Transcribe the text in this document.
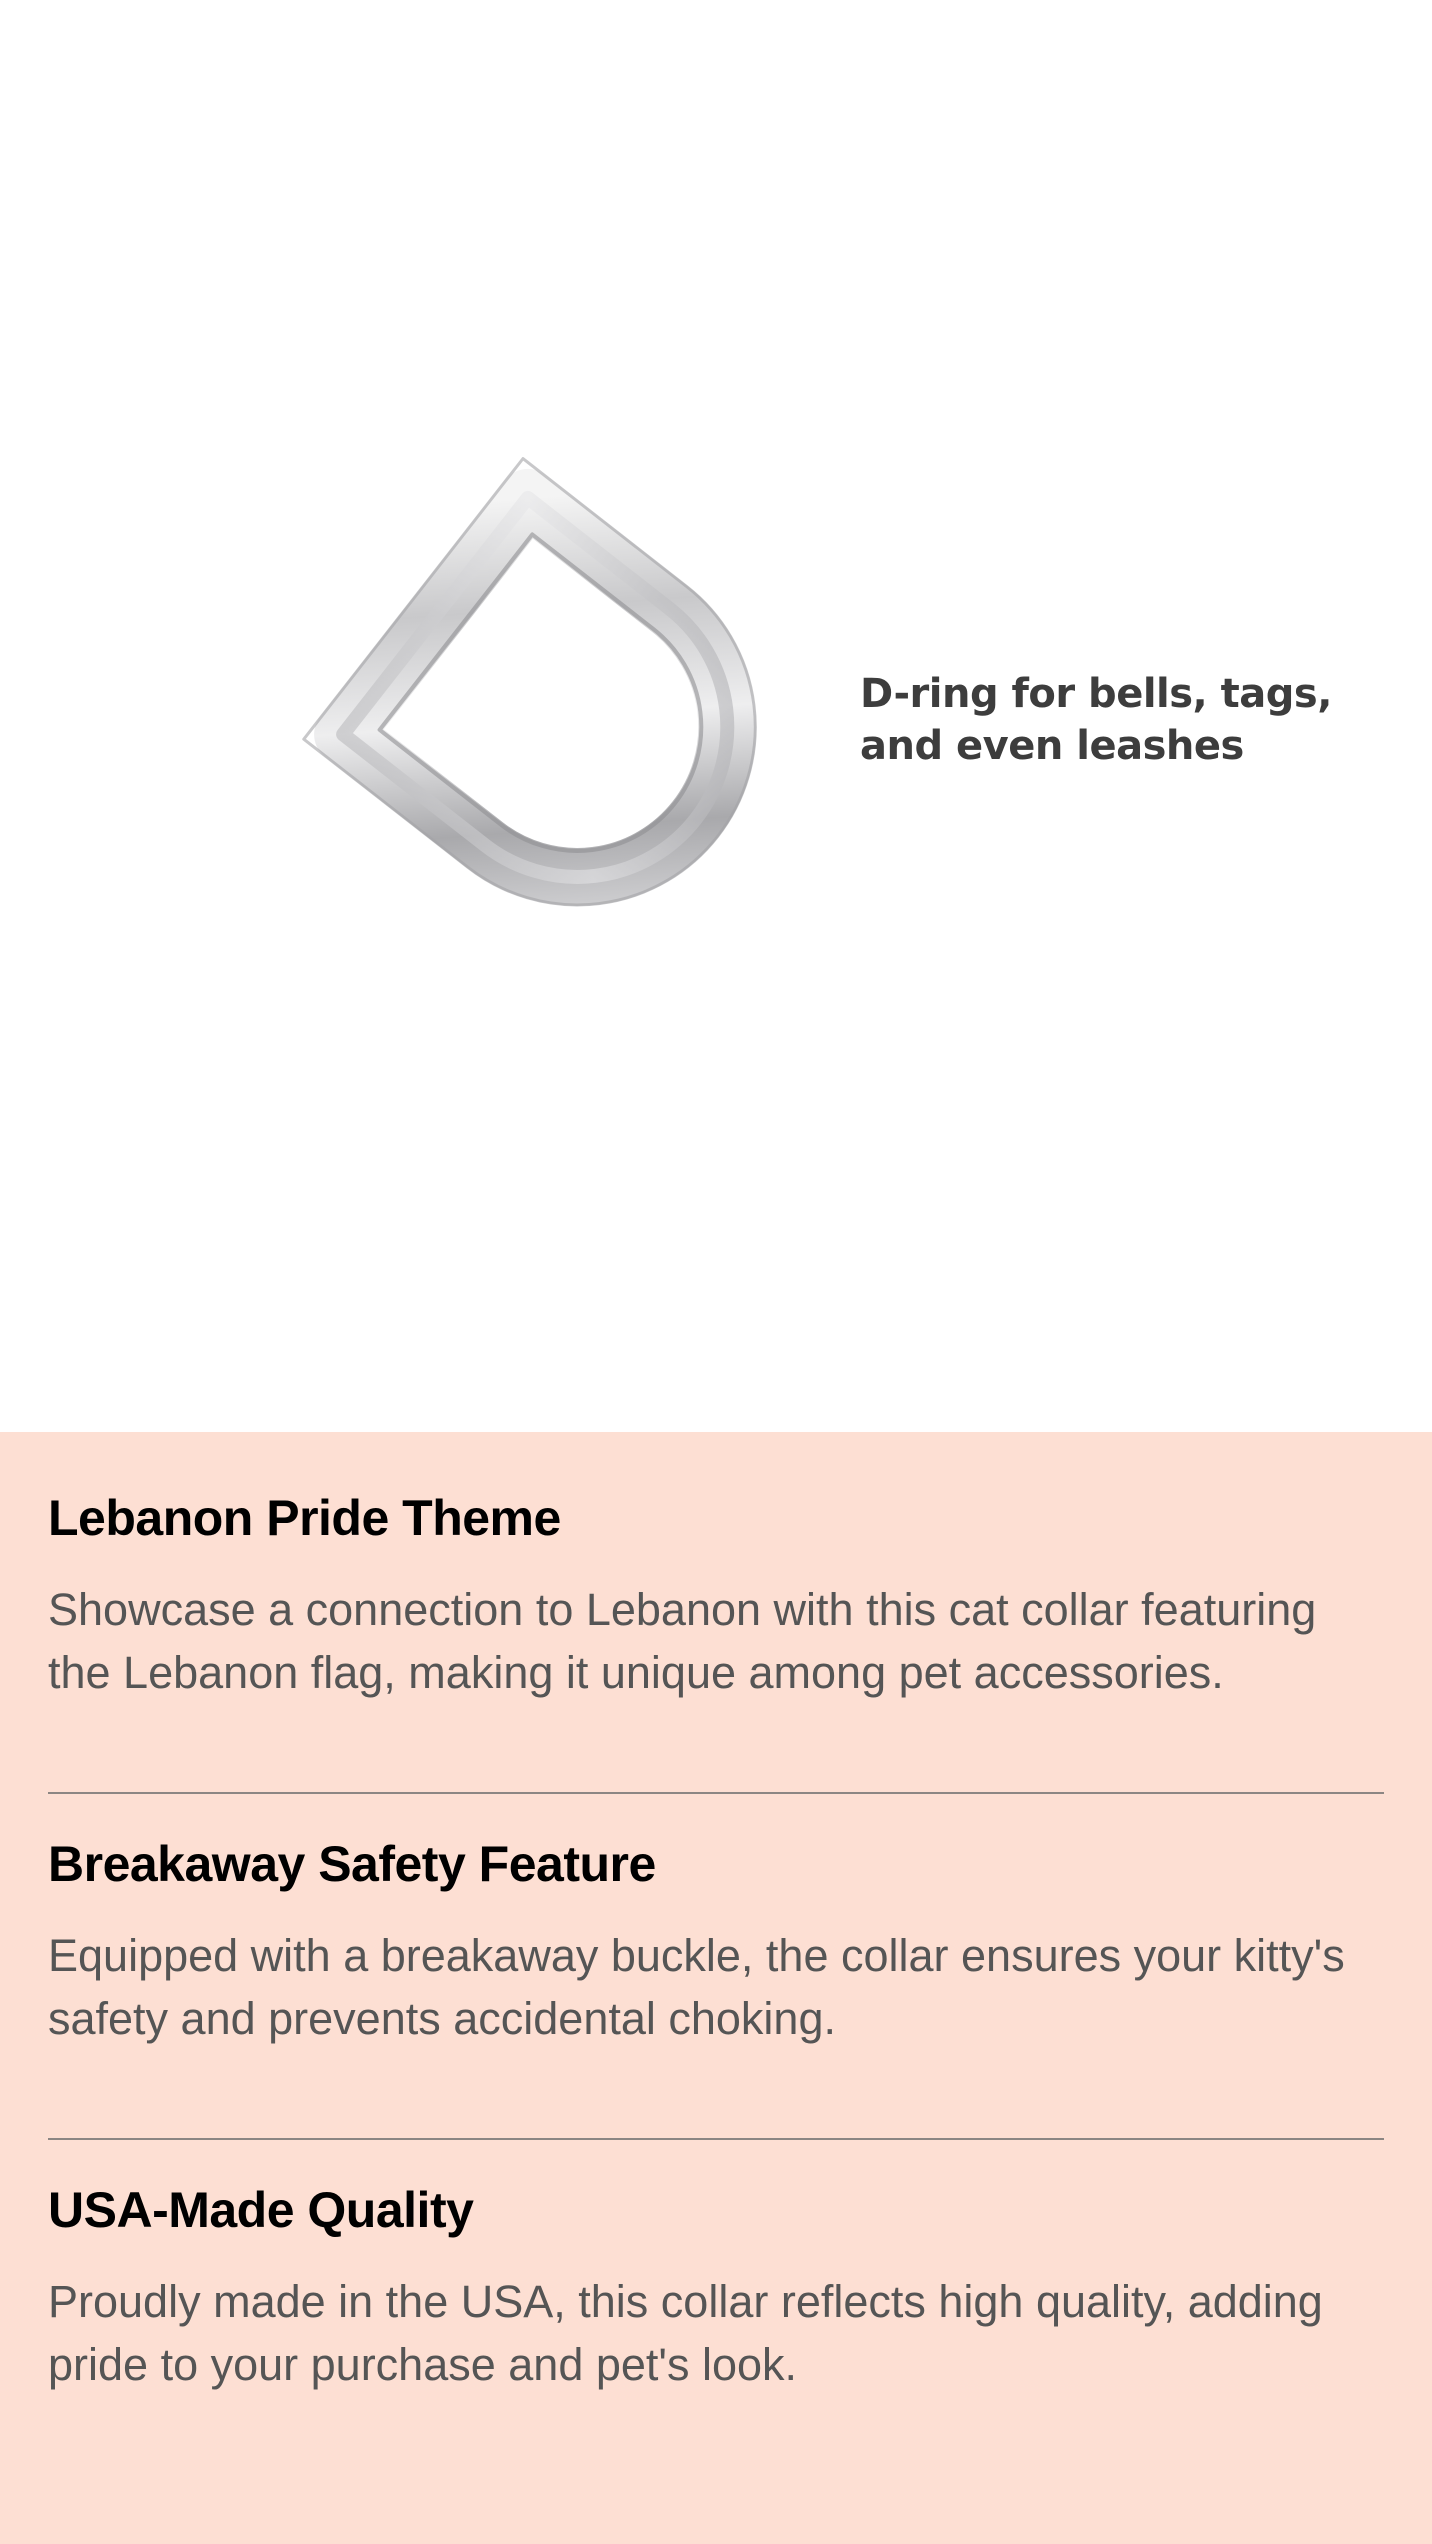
D-ring for bells, tags,
and even leashes
Lebanon Pride Theme

Showcase a connection to Lebanon with this cat collar featuring the Lebanon flag, making it unique among pet accessories.

Breakaway Safety Feature

Equipped with a breakaway buckle, the collar ensures your kitty's safety and prevents accidental choking.

USA-Made Quality

Proudly made in the USA, this collar reflects high quality, adding pride to your purchase and pet's look.
